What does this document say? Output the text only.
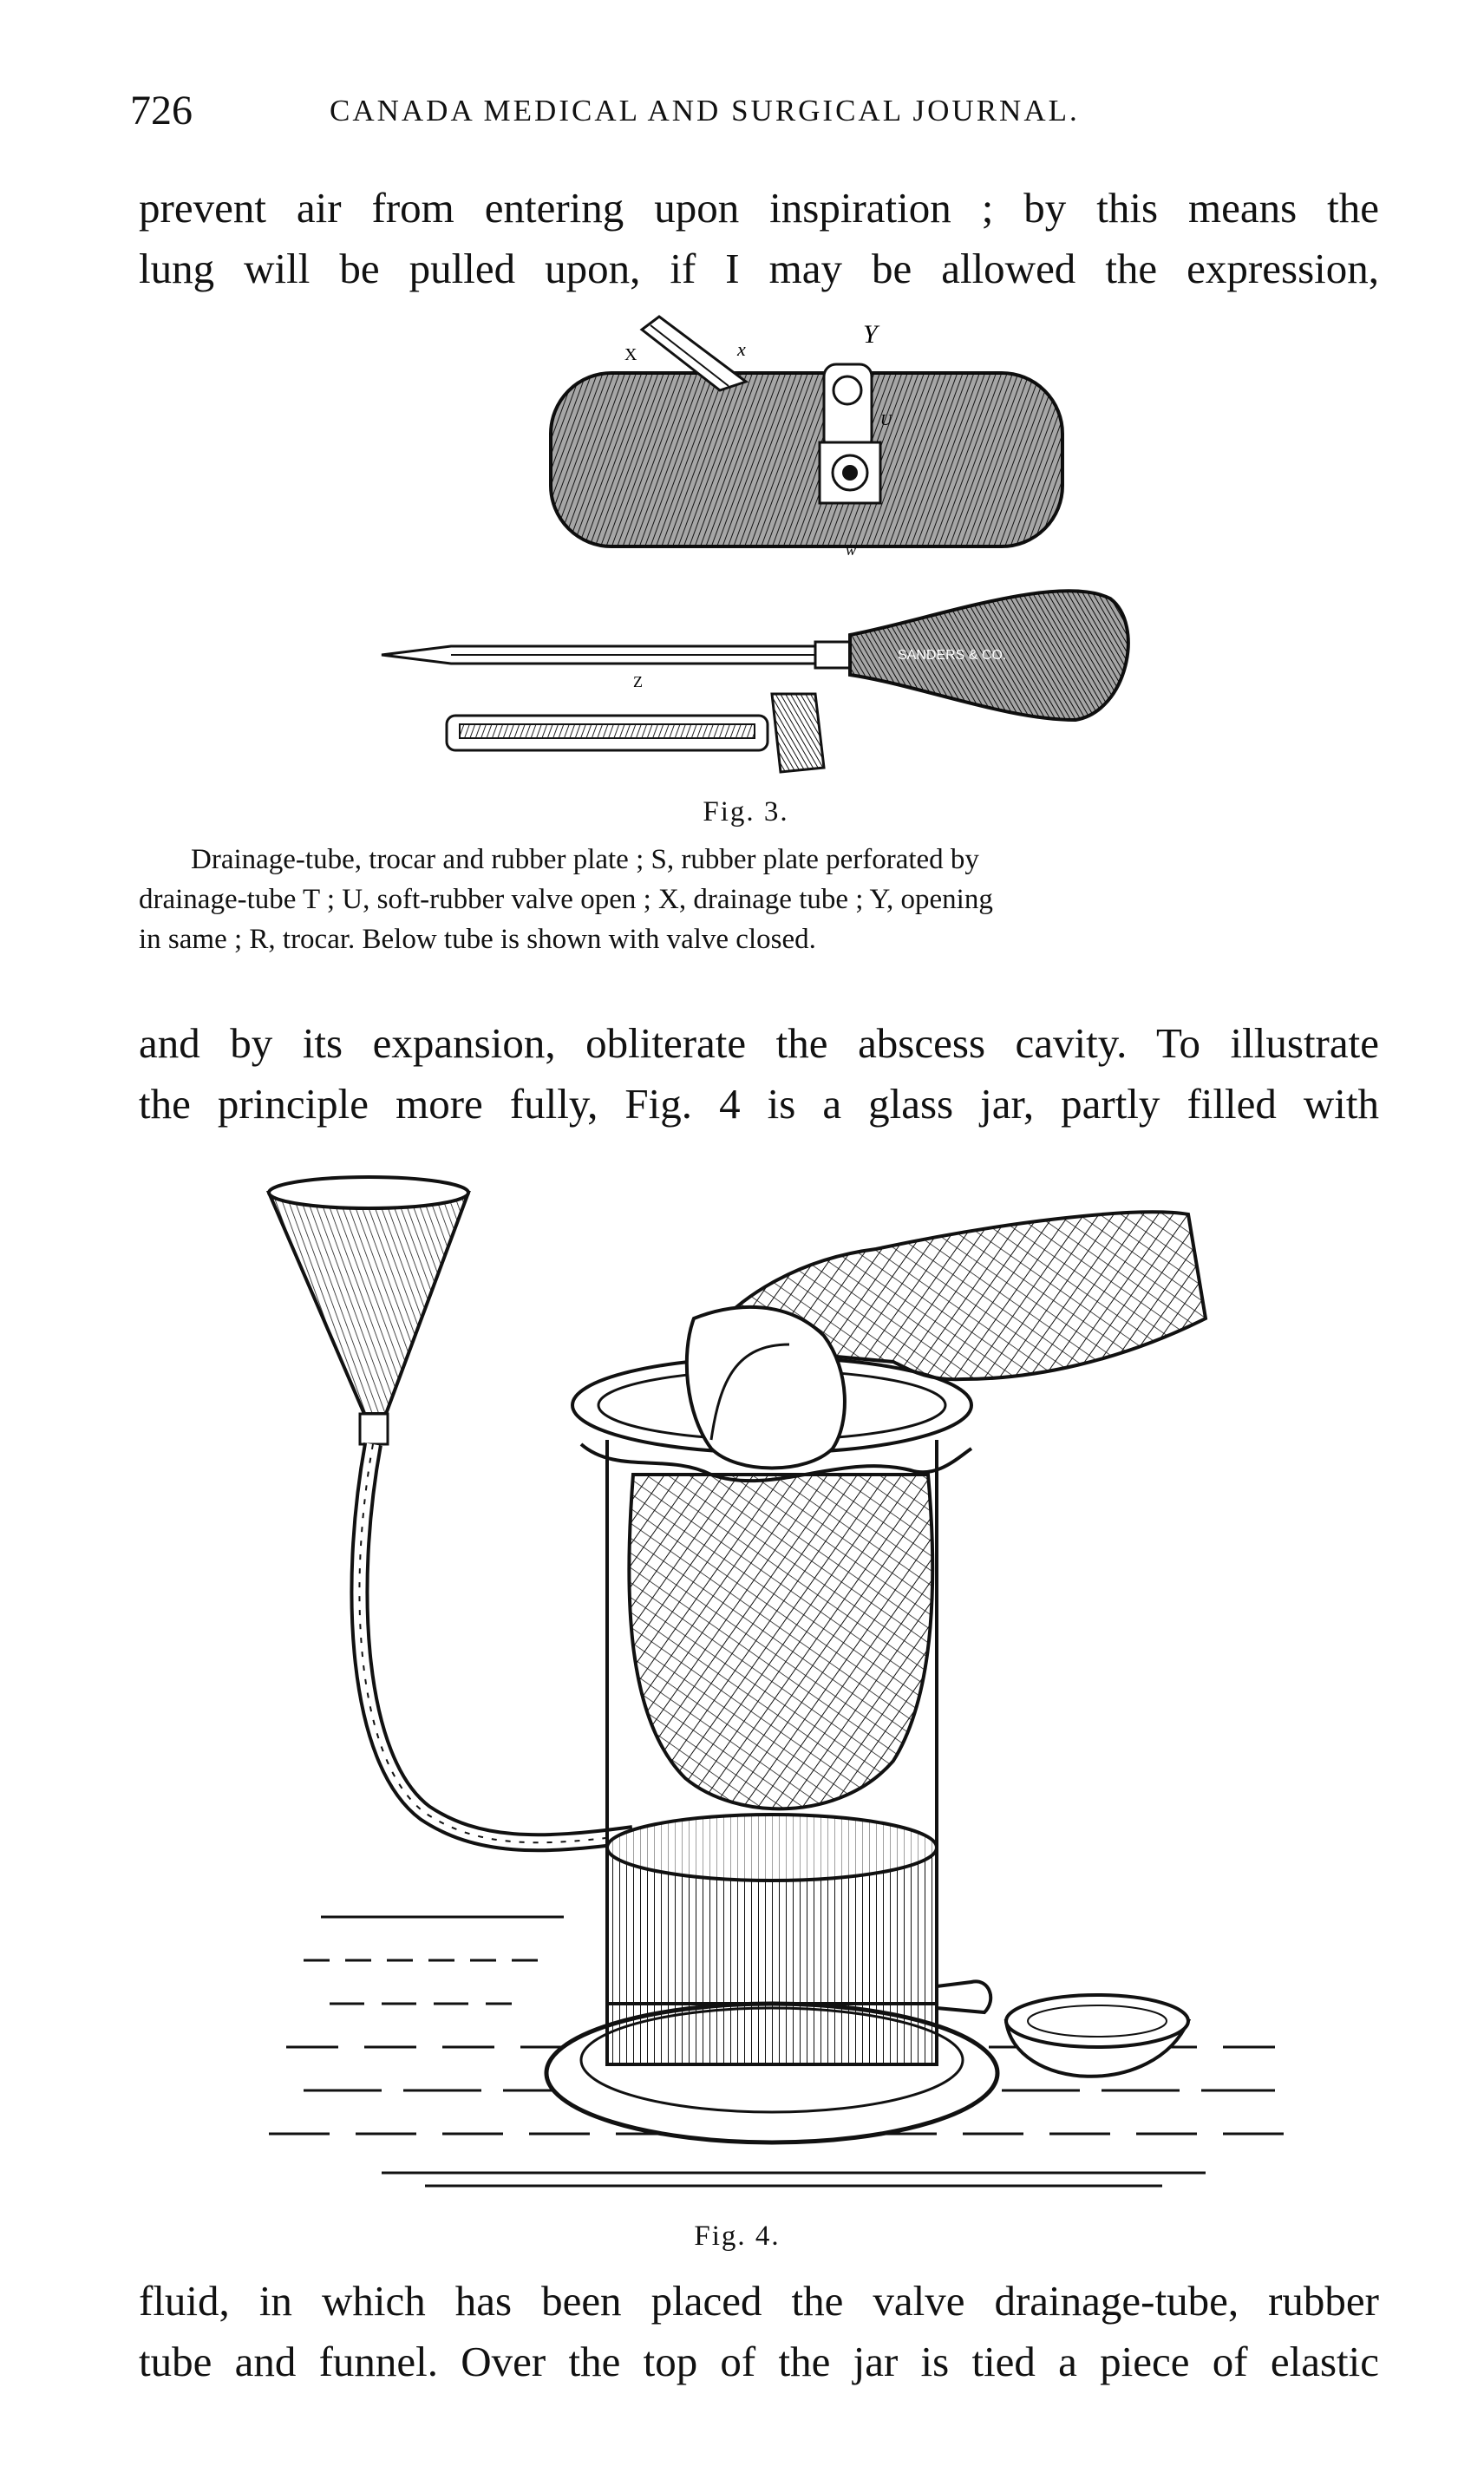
726	CANADA MEDICAL AND SURGICAL JOURNAL.

prevent air from entering upon inspiration ; by this means the
lung will be pulled upon, if I may be allowed the expression,

X	x
Y
U
w
SANDERS & CO.
Z
Fig. 3.
Drainage-tube, trocar and rubber plate ; S, rubber plate perforated by
drainage-tube T ; U, soft-rubber valve open ; X, drainage tube ; Y, opening
in same ; R, trocar. Below tube is shown with valve closed.

and by its expansion, obliterate the abscess cavity. To illustrate
the principle more fully, Fig. 4 is a glass jar, partly filled with

Fig. 4.

fluid, in which has been placed the valve drainage-tube, rubber
tube and funnel. Over the top of the jar is tied a piece of elastic
